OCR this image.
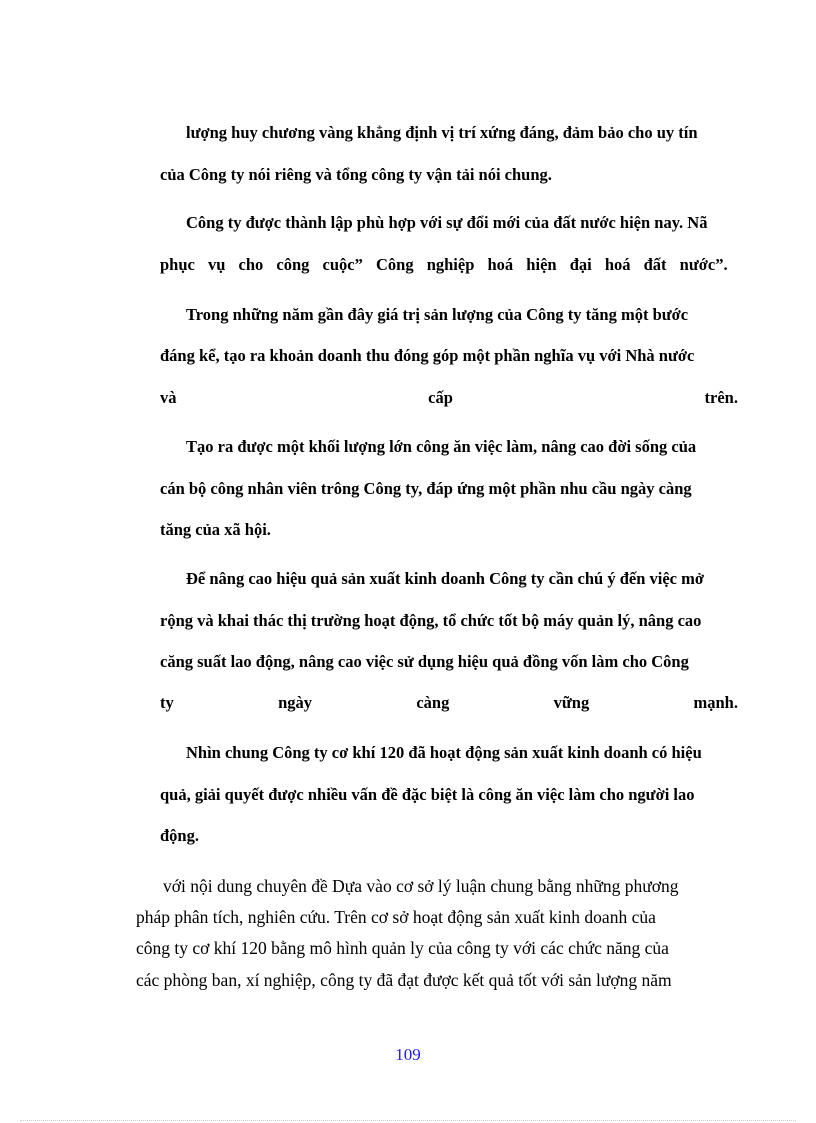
lượng huy chương vàng khẳng định vị trí xứng đáng, đảm bảo cho uy tín
của Công ty nói riêng và tổng công ty vận tải nói chung.
Công ty được thành lập phù hợp với sự đổi mới của đất nước hiện nay. Nã
phục vụ cho công cuộc” Công nghiệp hoá hiện đại hoá đất nước”.
Trong những năm gần đây giá trị sản lượng của Công ty tăng một bước
đáng kể, tạo ra khoản doanh thu đóng góp một phần nghĩa vụ với Nhà nước
và	cấp	trên.
Tạo ra được một khối lượng lớn công ăn việc làm, nâng cao đời sống của
cán bộ công nhân viên trông Công ty, đáp ứng một phần nhu cầu ngày càng
tăng của xã hội.
Để nâng cao hiệu quả sản xuất kinh doanh Công ty cần chú ý đến việc mở
rộng và khai thác thị trường hoạt động, tổ chức tốt bộ máy quản lý, nâng cao
căng suất lao động, nâng cao việc sử dụng hiệu quả đồng vốn làm cho Công
ty	ngày	càng	vững	mạnh.
Nhìn chung Công ty cơ khí 120 đã hoạt động sản xuất kinh doanh có hiệu
quả, giải quyết được nhiều vấn đề đặc biệt là công ăn việc làm cho người lao
động.
với nội dung chuyên đề Dựa vào cơ sở lý luận chung bằng những phương
pháp phân tích, nghiên cứu. Trên cơ sở hoạt động sản xuất kinh doanh của
công ty cơ khí 120 bằng mô hình quản ly của công ty với các chức năng của
các phòng ban, xí nghiệp, công ty đã đạt được kết quả tốt với sản lượng năm
109
